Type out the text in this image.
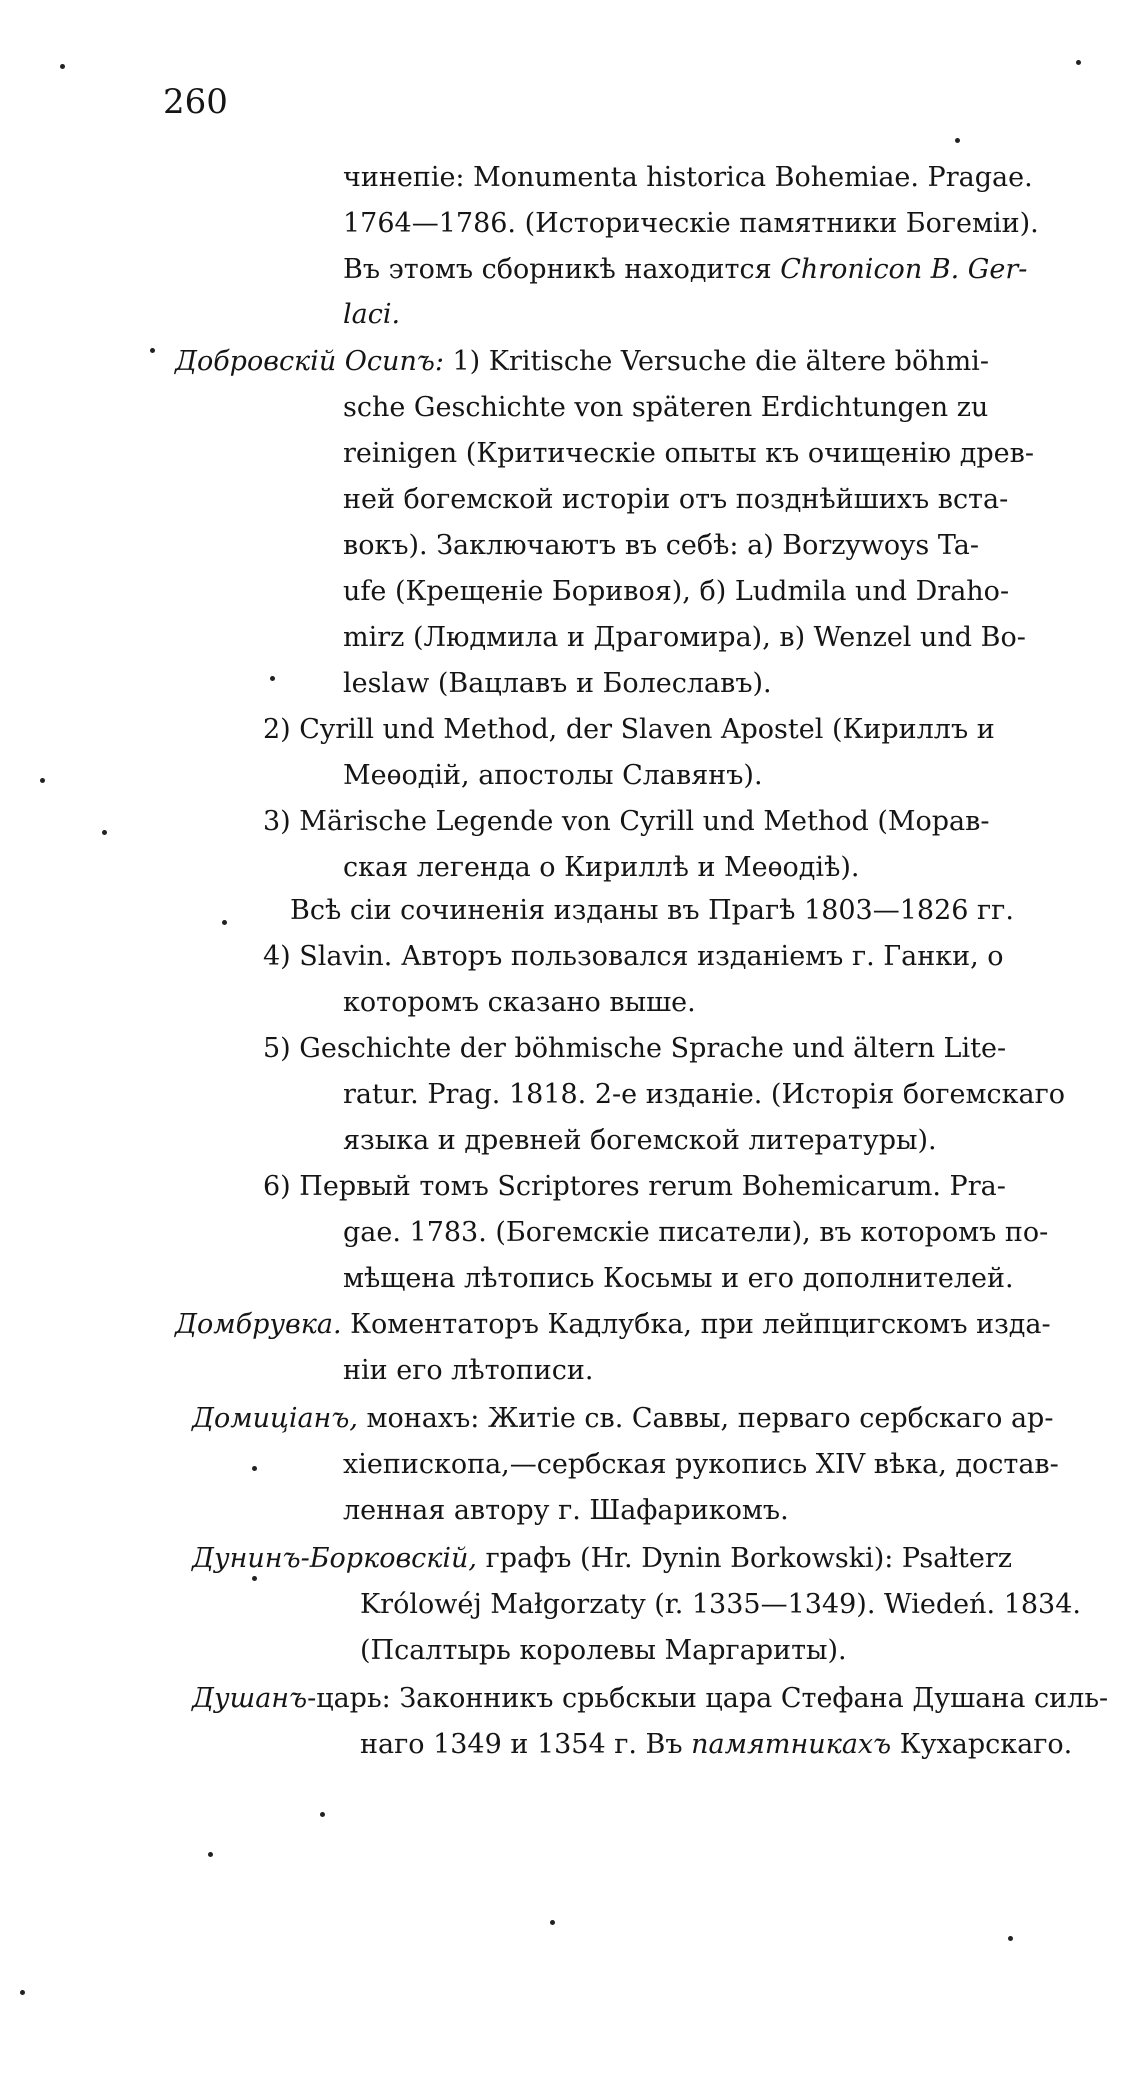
260
чинепіе: Monumenta historica Bohemiae. Pragae.
1764—1786. (Историческіе памятники Богеміи).
Въ этомъ сборникѣ находится Chronicon B. Ger-
laci.
Добровскій Осипъ: 1) Kritische Versuche die ältere böhmi-
sche Geschichte von späteren Erdichtungen zu
reinigen (Критическіе опыты къ очищенію древ-
ней богемской исторіи отъ позднѣйшихъ вста-
вокъ). Заключаютъ въ себѣ: а) Borzywoys Ta-
ufe (Крещеніе Боривоя), б) Ludmila und Draho-
mirz (Людмила и Драгомира), в) Wenzel und Bo-
leslaw (Вацлавъ и Болеславъ).
2) Cyrill und Method, der Slaven Apostel (Кириллъ и
Меѳодій, апостолы Славянъ).
3) Märische Legende von Cyrill und Method (Морав-
ская легенда о Кириллѣ и Меѳодіѣ).
Всѣ сіи сочиненія изданы въ Прагѣ 1803—1826 гг.
4) Slavin. Авторъ пользовался изданіемъ г. Ганки, о
которомъ сказано выше.
5) Geschichte der böhmische Sprache und ältern Lite-
ratur. Prag. 1818. 2-е изданіе. (Исторія богемскаго
языка и древней богемской литературы).
6) Первый томъ Scriptores rerum Bohemicarum. Pra-
gae. 1783. (Богемскіе писатели), въ которомъ по-
мѣщена лѣтопись Косьмы и его дополнителей.
Домбрувка. Коментаторъ Кадлубка, при лейпцигскомъ изда-
ніи его лѣтописи.
Домиціанъ, монахъ: Житіе св. Саввы, перваго сербскаго ар-
хіепископа,—сербская рукопись XIV вѣка, достав-
ленная автору г. Шафарикомъ.
Дунинъ-Борковскій, графъ (Hr. Dynin Borkowski): Psałterz
Królowéj Małgorzaty (r. 1335—1349). Wiedeń. 1834.
(Псалтырь королевы Маргариты).
Душанъ-царь: Законникъ срьбскыи цара Стефана Душана силь-
наго 1349 и 1354 г. Въ памятникахъ Кухарскаго.
